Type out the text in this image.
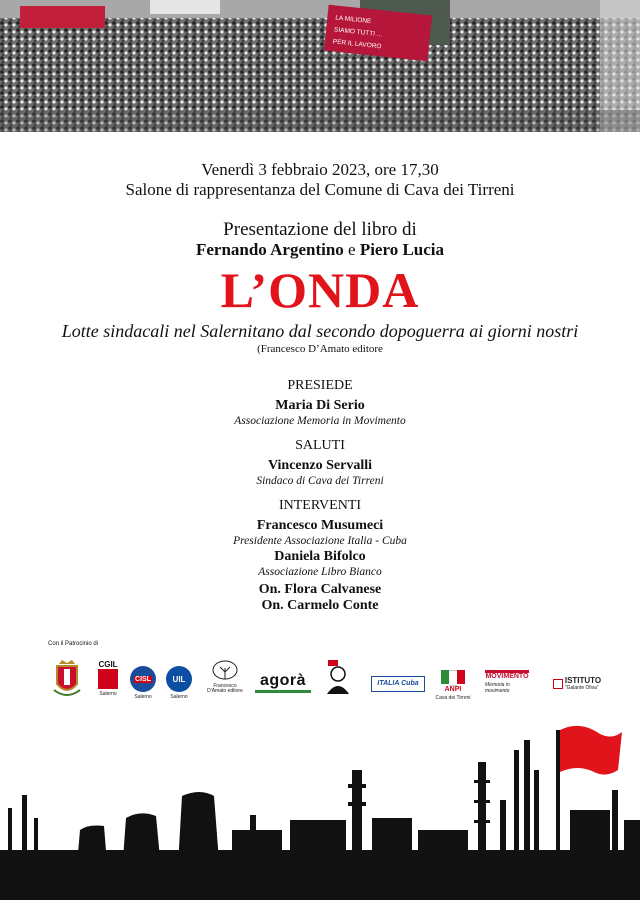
LA MILIONE
SIAMO TUTTI ...
PER IL LAVORO
Venerdì 3 febbraio 2023, ore 17,30
Salone di rappresentanza del Comune di Cava dei Tirreni
Presentazione del libro di
Fernando Argentino e Piero Lucia
L’ONDA
Lotte sindacali nel Salernitano dal secondo dopoguerra ai giorni nostri
(Francesco D’Amato editore
PRESIEDE
Maria Di Serio
Associazione Memoria in Movimento
SALUTI
Vincenzo Servalli
Sindaco di Cava dei Tirreni
INTERVENTI
Francesco Musumeci
Presidente Associazione Italia - Cuba
Daniela Bifolco
Associazione Libro Bianco
On. Flora Calvanese
On. Carmelo Conte
Con il Patrocinio di
CGIL
Salerno
CISL
Salerno
UIL
Salerno
Francesco D'Amato editore
agorà	ITALIA Cuba
ANPI
Cava dei Tirreni
MOVIMENTO
Memoria in movimento
ISTITUTO
"Galante Oliva"
